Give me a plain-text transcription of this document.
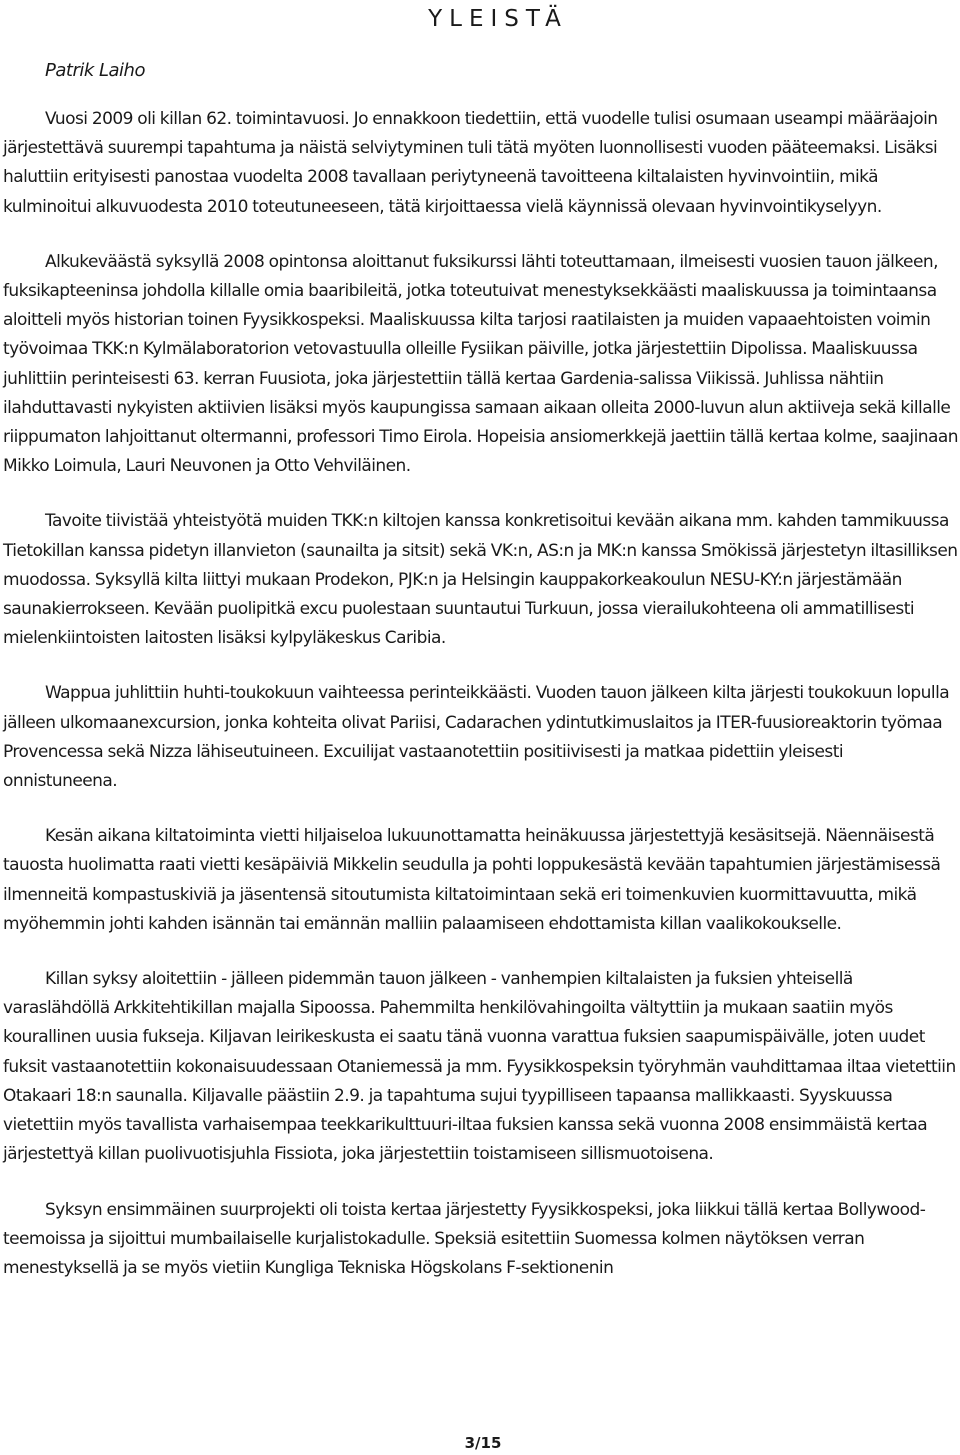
YLEISTÄ
Patrik Laiho

Vuosi 2009 oli killan 62. toimintavuosi. Jo ennakkoon tiedettiin, että vuodelle tulisi osumaan useampi määräajoin järjestettävä suurempi tapahtuma ja näistä selviytyminen tuli tätä myöten luonnollisesti vuoden pääteemaksi. Lisäksi haluttiin erityisesti panostaa vuodelta 2008 tavallaan periytyneenä tavoitteena kiltalaisten hyvinvointiin, mikä kulminoitui alkuvuodesta 2010 toteutuneeseen, tätä kirjoittaessa vielä käynnissä olevaan hyvinvointikyselyyn.

Alkukeväästä syksyllä 2008 opintonsa aloittanut fuksikurssi lähti toteuttamaan, ilmeisesti vuosien tauon jälkeen, fuksikapteeninsa johdolla killalle omia baaribileitä, jotka toteutuivat menestyksekkäästi maaliskuussa ja toimintaansa aloitteli myös historian toinen Fyysikkospeksi. Maaliskuussa kilta tarjosi raatilaisten ja muiden vapaaehtoisten voimin työvoimaa TKK:n Kylmälaboratorion vetovastuulla olleille Fysiikan päiville, jotka järjestettiin Dipolissa. Maaliskuussa juhlittiin perinteisesti 63. kerran Fuusiota, joka järjestettiin tällä kertaa Gardenia-salissa Viikissä. Juhlissa nähtiin ilahduttavasti nykyisten aktiivien lisäksi myös kaupungissa samaan aikaan olleita 2000-luvun alun aktiiveja sekä killalle riippumaton lahjoittanut oltermanni, professori Timo Eirola. Hopeisia ansiomerkkejä jaettiin tällä kertaa kolme, saajinaan Mikko Loimula, Lauri Neuvonen ja Otto Vehviläinen.

Tavoite tiivistää yhteistyötä muiden TKK:n kiltojen kanssa konkretisoitui kevään aikana mm. kahden tammikuussa Tietokillan kanssa pidetyn illanvieton (saunailta ja sitsit) sekä VK:n, AS:n ja MK:n kanssa Smökissä järjestetyn iltasilliksen muodossa. Syksyllä kilta liittyi mukaan Prodekon, PJK:n ja Helsingin kauppakorkeakoulun NESU-KY:n järjestämään saunakierrokseen. Kevään puolipitkä excu puolestaan suuntautui Turkuun, jossa vierailukohteena oli ammatillisesti mielenkiintoisten laitosten lisäksi kylpyläkeskus Caribia.

Wappua juhlittiin huhti-toukokuun vaihteessa perinteikkäästi. Vuoden tauon jälkeen kilta järjesti toukokuun lopulla jälleen ulkomaanexcursion, jonka kohteita olivat Pariisi, Cadarachen ydintutkimuslaitos ja ITER-fuusioreaktorin työmaa Provencessa sekä Nizza lähiseutuineen. Excuilijat vastaanotettiin positiivisesti ja matkaa pidettiin yleisesti onnistuneena.

Kesän aikana kiltatoiminta vietti hiljaiseloa lukuunottamatta heinäkuussa järjestettyjä kesäsitsejä. Näennäisestä tauosta huolimatta raati vietti kesäpäiviä Mikkelin seudulla ja pohti loppukesästä kevään tapahtumien järjestämisessä ilmenneitä kompastuskiviä ja jäsentensä sitoutumista kiltatoimintaan sekä eri toimenkuvien kuormittavuutta, mikä myöhemmin johti kahden isännän tai emännän malliin palaamiseen ehdottamista killan vaalikokoukselle.

Killan syksy aloitettiin - jälleen pidemmän tauon jälkeen - vanhempien kiltalaisten ja fuksien yhteisellä varaslähdöllä Arkkitehtikillan majalla Sipoossa. Pahemmilta henkilövahingoilta vältyttiin ja mukaan saatiin myös kourallinen uusia fukseja. Kiljavan leirikeskusta ei saatu tänä vuonna varattua fuksien saapumispäivälle, joten uudet fuksit vastaanotettiin kokonaisuudessaan Otaniemessä ja mm. Fyysikkospeksin työryhmän vauhdittamaa iltaa vietettiin Otakaari 18:n saunalla. Kiljavalle päästiin 2.9. ja tapahtuma sujui tyypilliseen tapaansa mallikkaasti. Syyskuussa vietettiin myös tavallista varhaisempaa teekkarikulttuuri-iltaa fuksien kanssa sekä vuonna 2008 ensimmäistä kertaa järjestettyä killan puolivuotisjuhla Fissiota, joka järjestettiin toistamiseen sillismuotoisena.

Syksyn ensimmäinen suurprojekti oli toista kertaa järjestetty Fyysikkospeksi, joka liikkui tällä kertaa Bollywood-teemoissa ja sijoittui mumbailaiselle kurjalistokadulle. Speksiä esitettiin Suomessa kolmen näytöksen verran menestyksellä ja se myös vietiin Kungliga Tekniska Högskolans F-sektionenin

3/15
